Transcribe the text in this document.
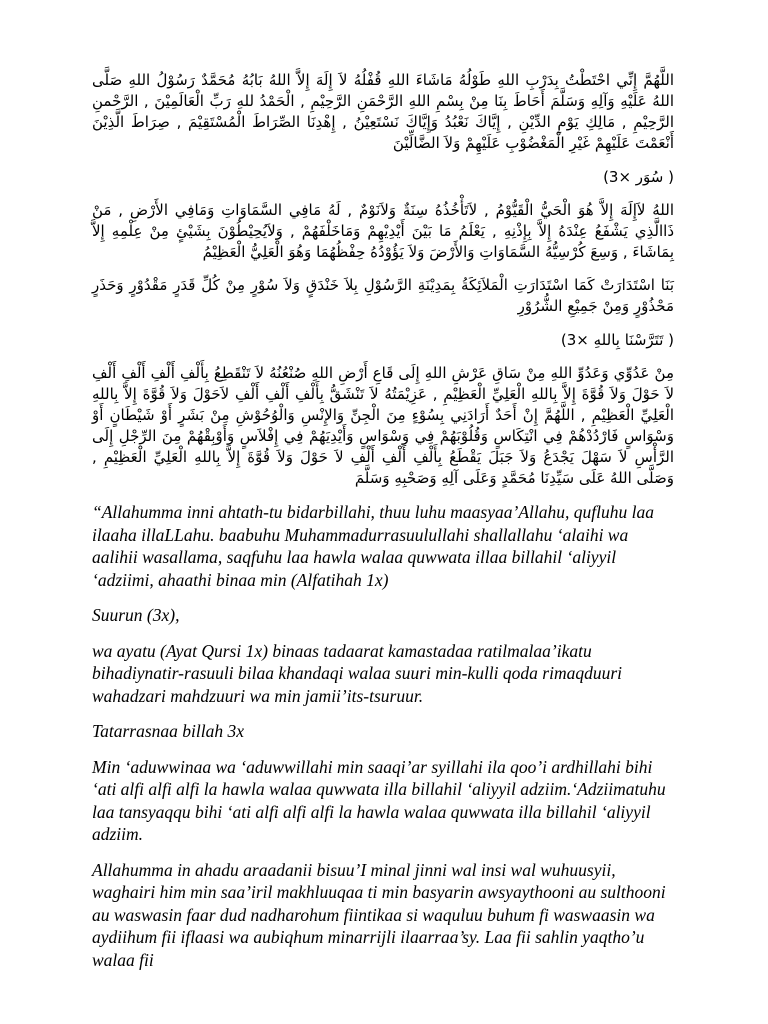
اللَّهُمَّ إِنِّي احْتَطْتُ بِدَرْبِ اللهِ طَوْلُهُ مَاشَاءَ اللهِ قُفْلُهُ لاَ إِلَهَ إِلاَّ اللهُ بَابُهُ مُحَمَّدٌ رَسُوْلُ اللهِ صَلَّى اللهُ عَلَيْهِ وَآلِهِ وَسَلَّمَ أَحَاطَ بِنَا مِنْ بِسْمِ اللهِ الرَّحْمَنِ الرَّحِيْمِ , الْحَمْدُ للهِ رَبِّ الْعَالَمِيْنَ , الرَّحْمنِ الرَّحِيْمِ , مَالِكِ يَوْمِ الدِّيْنِ , إِيَّاكَ نَعْبُدُ وَإِيَّاكَ نَسْتَعِيْنُ , إِهْدِنَا الصِّرَاطَ الْمُسْتَقِيْمَ , صِرَاطَ الَّذِيْنَ أَنْعَمْتَ عَلَيْهِمْ غَيْرِ الْمَغْضُوْبِ عَلَيْهِمْ وَلاَ الضَّالِّيْنَ

( سُوَر ×3)

اللهُ لاَإِلَهَ إِلاَّ هُوَ الْحَيُّ الْقَيُّوْمُ , لاَتَأْخُذُهُ سِنَةٌ وَلاَنَوْمٌ , لَهُ مَافِي السَّمَاوَاتِ وَمَافِي الأَرْضِ , مَنْ ذَاالَّذِي يَشْفَعُ عِنْدَهُ إِلاَّ بِإِذْنِهِ , يَعْلَمُ مَا بَيْنَ أَيْدِيْهِمْ وَمَاخَلْفَهُمْ , وَلاَيُحِيْطُوْنَ بِشَيْئٍ مِنْ عِلْمِهِ إِلاَّ بِمَاشَاءَ , وَسِعَ كُرْسِيُّهُ السَّمَاوَاتِ وَالأَرْضَ وَلاَ يَؤُوْدُهُ حِفْظُهُمَا وَهُوَ الْعَلِيُّ الْعَظِيْمُ

بَنَا اسْتَدَارَتْ كَمَا اسْتَدَارَتِ الْمَلاَئِكَةُ بِمَدِيْنَةِ الرَّسُوْلِ بِلاَ خَنْدَقٍ وَلاَ سُوْرٍ مِنْ كُلِّ قَدَرٍ مَقْدُوْرٍ وَحَذَرٍ مَحْذُوْرٍ وَمِنْ جَمِيْعِ الشُّرُوْرِ

( تَتَرَّسْنَا بِاللهِ ×3)

مِنْ عَدُوِّي وَعَدُوِّ اللهِ مِنْ سَاقِ عَرْشِ اللهِ إِلَى قَاعِ أَرْضِ اللهِ صُنْعُنُهُ لاَ تَنْقَطِعُ بِأَلْفِ أَلْفِ أَلْفِ أَلْفِ لاَ حَوْلَ وَلاَ قُوَّةَ إِلاَّ بِاللهِ الْعَلِيِّ الْعَظِيْمِ , عَزِيْمَتُهُ لاَ تَنْشَقُّ بِأَلْفِ أَلْفِ أَلْفِ لاَحَوْلَ وَلاَ قُوَّةَ إِلاَّ بِاللهِ الْعَلِيِّ الْعَظِيْمِ , اللَّهُمَّ إِنْ أَحَدٌ أَرَادَنِي بِسُوْءٍ مِنَ الْجِنِّ وَالإِنْسِ وَالْوُحُوْشِ مِنْ بَشَرٍ أَوْ شَيْطَانٍ أَوْ وَسْوَاسٍ فَارْدُدْهُمْ فِي انْتِكَاسٍ وَقُلُوْبَهُمْ فِي وَسْوَاسٍ وَأَيْدِيَهُمْ فِي إِفْلاَسٍ وَأَوْبِقْهُمْ مِنَ الرِّجْلِ إِلَى الرَّأْسِ لاَ سَهْلَ يَجْدَعُ وَلاَ جَبَلَ يَقْطَعُ بِأَلْفِ أَلْفِ أَلْفِ لاَ حَوْلَ وَلاَ قُوَّةَ إِلاَّ بِاللهِ الْعَلِيِّ الْعَظِيْمِ , وَصَلَّى اللهُ عَلَى سَيِّدِنَا مُحَمَّدٍ وَعَلَى آلِهِ وَصَحْبِهِ وَسَلَّمَ

“Allahumma inni ahtath-tu bidarbillahi, thuu luhu maasyaa’Allahu, qufluhu laa ilaaha illaLLahu. baabuhu Muhammadurrasuulullahi shallallahu ‘alaihi wa aalihii wasallama, saqfuhu laa hawla walaa quwwata illaa billahil ‘aliyyil ‘adziimi, ahaathi binaa min (Alfatihah 1x)

Suurun (3x),

wa ayatu (Ayat Qursi 1x) binaas tadaarat kamastadaa ratilmalaa’ikatu bihadiynatir-rasuuli bilaa khandaqi walaa suuri min-kulli qoda rimaqduuri wahadzari mahdzuuri wa min jamii’its-tsuruur.

Tatarrasnaa billah 3x

Min ‘aduwwinaa wa ‘aduwwillahi min saaqi’ar syillahi ila qoo’i ardhillahi bihi ‘ati alfi alfi alfi la hawla walaa quwwata illa billahil ‘aliyyil adziim.‘Adziimatuhu laa tansyaqqu bihi ‘ati alfi alfi alfi la hawla walaa quwwata illa billahil ‘aliyyil adziim.

Allahumma in ahadu araadanii bisuu’I minal jinni wal insi wal wuhuusyii, waghairi him min saa’iril makhluuqaa ti min basyarin awsyaythooni au sulthooni au waswasin faar dud nadharohum fiintikaa si waquluu buhum fi waswaasin wa aydiihum fii iflaasi wa aubiqhum minarrijli ilaarraa’sy. Laa fii sahlin yaqtho’u walaa fii
